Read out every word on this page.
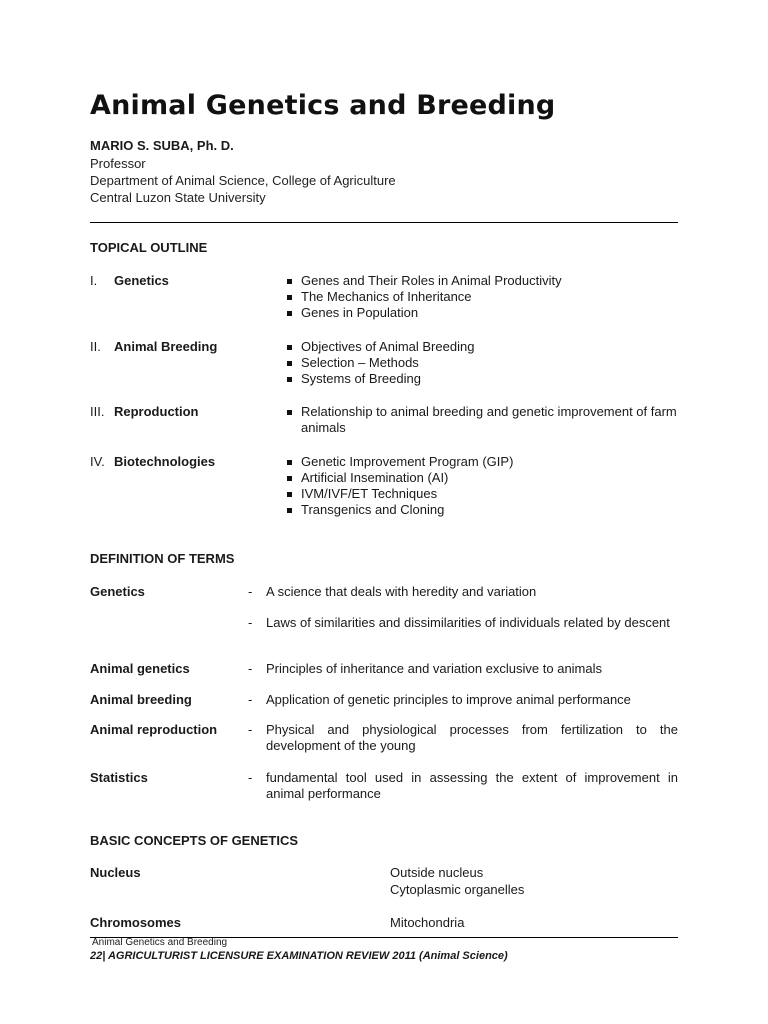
Animal Genetics and Breeding
MARIO S. SUBA, Ph. D.
Professor
Department of Animal Science, College of Agriculture
Central Luzon State University
TOPICAL OUTLINE
I. Genetics	Genes and Their Roles in Animal Productivity
The Mechanics of Inheritance
Genes in Population
II. Animal Breeding	Objectives of Animal Breeding
Selection – Methods
Systems of Breeding
III. Reproduction	Relationship to animal breeding and genetic improvement of farm animals
IV. Biotechnologies	Genetic Improvement Program (GIP)
Artificial Insemination (AI)
IVM/IVF/ET Techniques
Transgenics and Cloning
DEFINITION OF TERMS
Genetics	- A science that deals with heredity and variation
- Laws of similarities and dissimilarities of individuals related by descent
Animal genetics	- Principles of inheritance and variation exclusive to animals
Animal breeding	- Application of genetic principles to improve animal performance
Animal reproduction - Physical and physiological processes from fertilization to the development of the young
Statistics	- fundamental tool used in assessing the extent of improvement in animal performance
BASIC CONCEPTS OF GENETICS
Nucleus	Outside nucleus
Cytoplasmic organelles
Chromosomes	Mitochondria
Animal Genetics and Breeding
22| AGRICULTURIST LICENSURE EXAMINATION REVIEW 2011 (Animal Science)
